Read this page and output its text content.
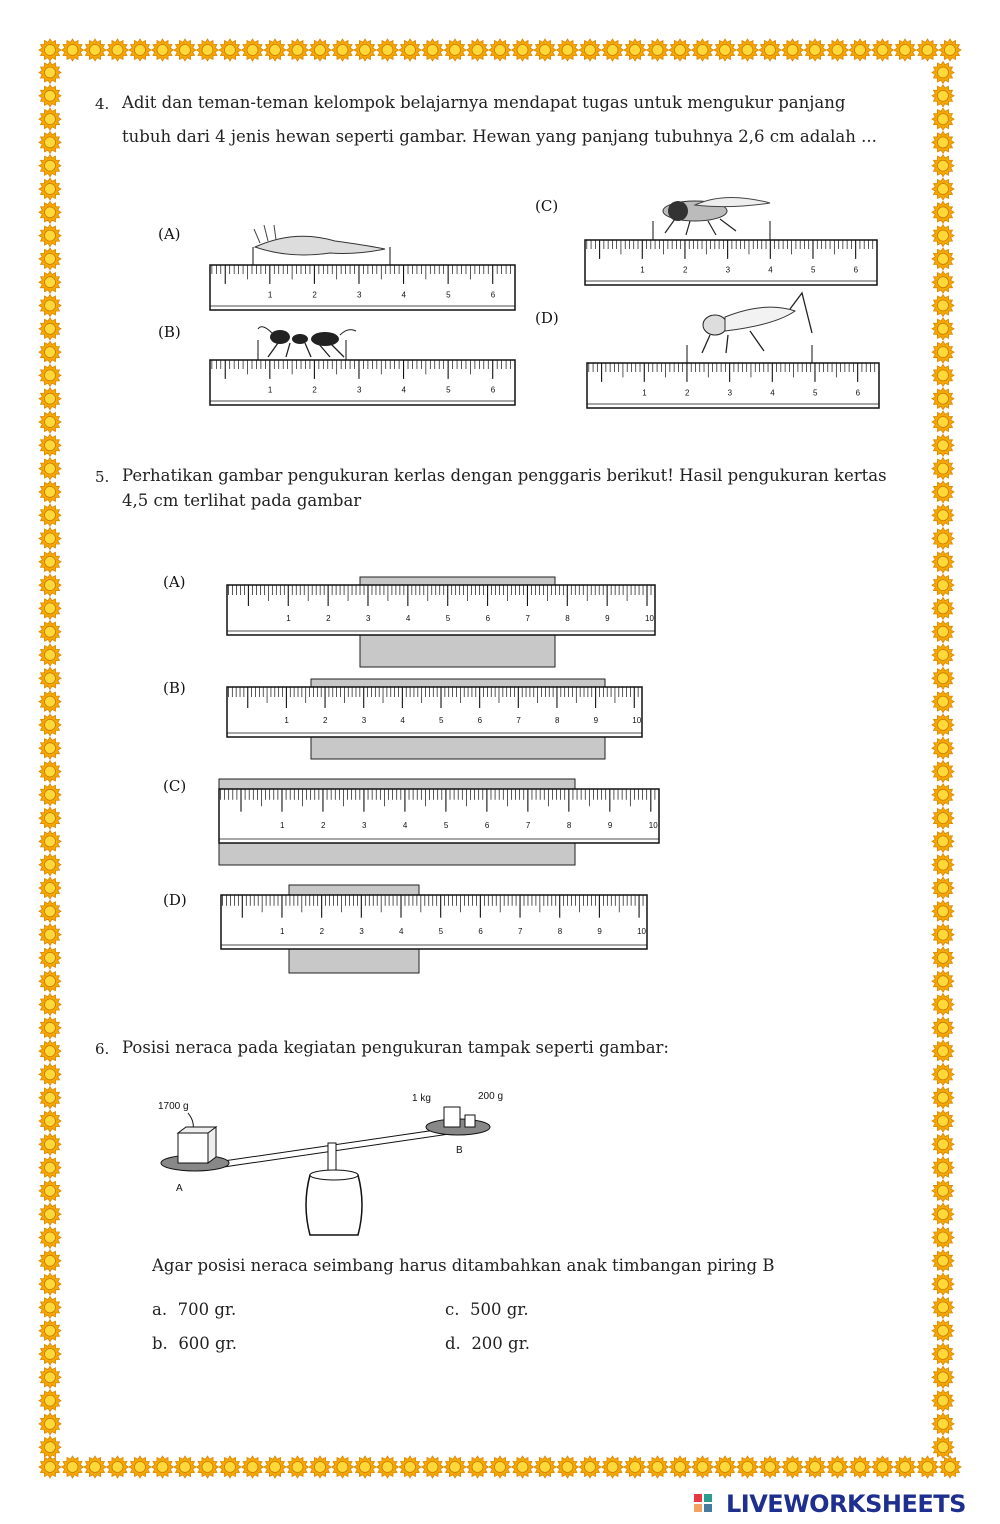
4. Adit dan teman-teman kelompok belajarnya mendapat tugas untuk mengukur panjang
tubuh dari 4 jenis hewan seperti gambar. Hewan yang panjang tubuhnya 2,6 cm adalah ...
(A)
1	2	3	4	5	6
(B)
1	2	3	4	5	6
(C)
1	2	3	4	5	6
(D)
1	2	3	4	5	6
5. Perhatikan gambar pengukuran kerlas dengan penggaris berikut! Hasil pengukuran kertas
4,5 cm terlihat pada gambar
(A)
(B)
(C)
(D)
1	2	3	4	5	6	7	8	9	10
1	2	3	4	5	6	7	8	9	10
1	2	3	4	5	6	7	8	9	10
1	2	3	4	5	6	7	8	9	10
6. Posisi neraca pada kegiatan pengukuran tampak seperti gambar:
1700 g
1 kg	200 g
A
B
Agar posisi neraca seimbang harus ditambahkan anak timbangan piring B
a. 700 gr.
b. 600 gr.
c. 500 gr.
d. 200 gr.
LIVEWORKSHEETS
